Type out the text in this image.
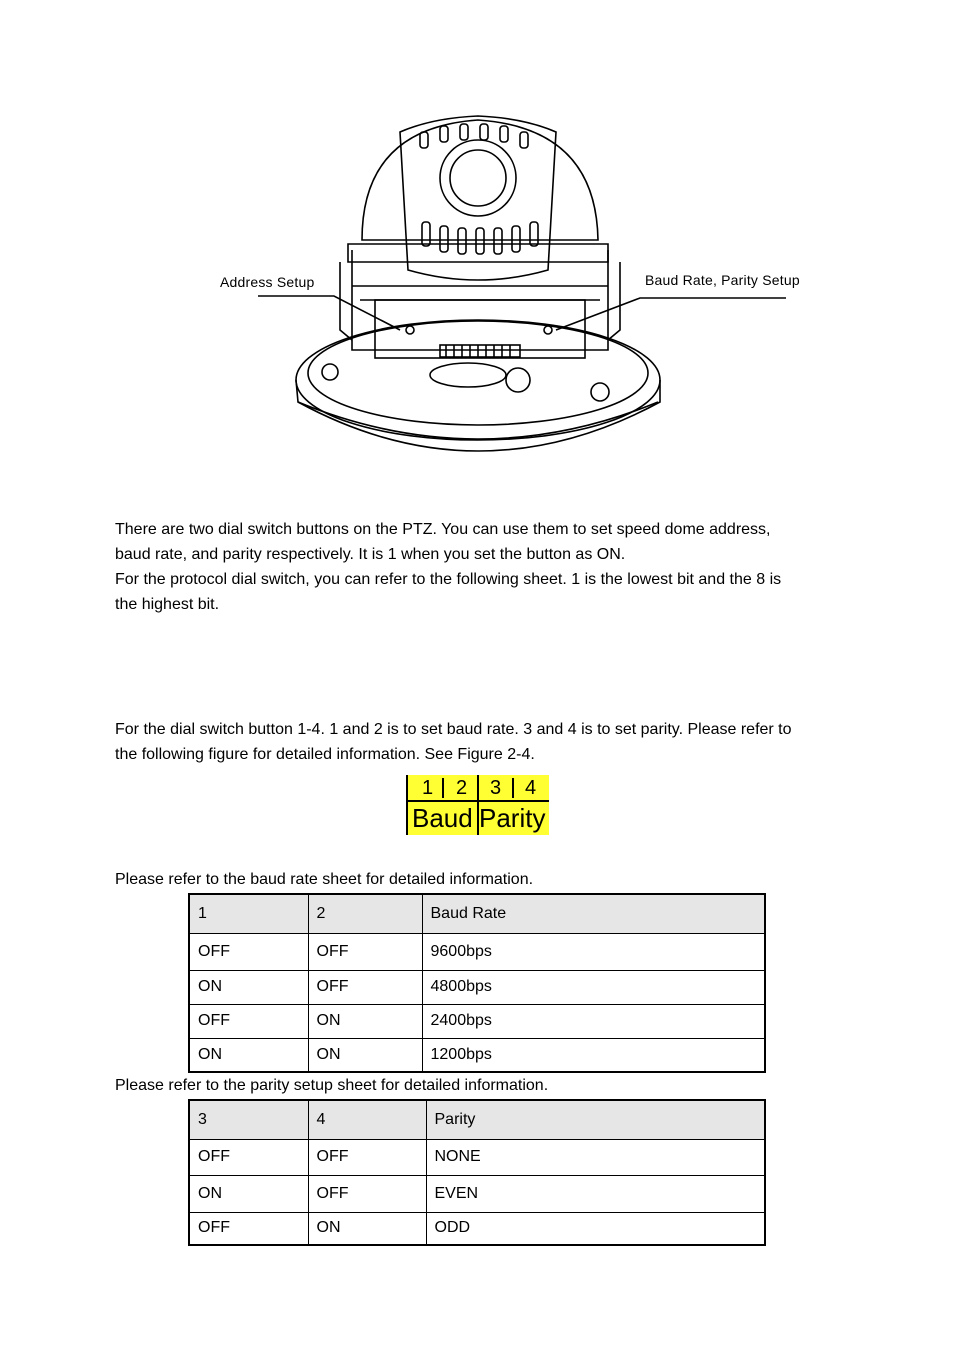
Address Setup	Baud Rate, Parity Setup

There are two dial switch buttons on the PTZ. You can use them to set speed dome address,

baud rate, and parity respectively. It is 1 when you set the button as ON.

For the protocol dial switch, you can refer to the following sheet. 1 is the lowest bit and the 8 is

the highest bit.

For the dial switch button 1-4. 1 and 2 is to set baud rate. 3 and 4 is to set parity. Please refer to

the following figure for detailed information. See Figure 2-4.

1	2	3	4
Baud Parity
Please refer to the baud rate sheet for detailed information.
1	2	Baud Rate
OFF	OFF	9600bps
ON	OFF	4800bps
OFF	ON	2400bps
ON	ON	1200bps
Please refer to the parity setup sheet for detailed information.
3	4	Parity
OFF	OFF	NONE
ON	OFF	EVEN
OFF	ON	ODD
